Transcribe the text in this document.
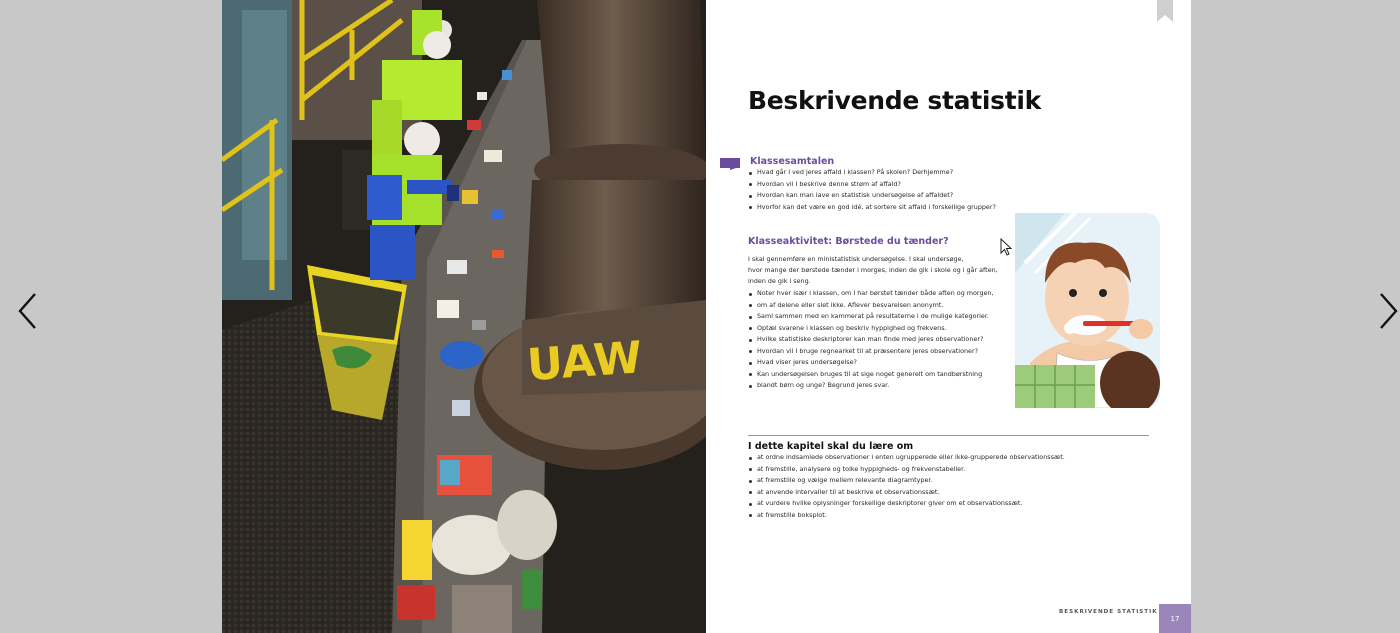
UAW
Beskrivende statistik
Klassesamtalen
Hvad går I ved jeres affald i klassen? På skolen? Derhjemme?
Hvordan vil I beskrive denne strøm af affald?
Hvordan kan man lave en statistisk undersøgelse af affaldet?
Hvorfor kan det være en god idé, at sortere sit affald i forskellige grupper?
Klasseaktivitet: Børstede du tænder?
I skal gennemføre en ministatistisk undersøgelse. I skal undersøge,
hvor mange der børstede tænder i morges, inden de gik i skole og i går aften,
inden de gik i seng.
Noter hver især i klassen, om I har børstet tænder både aften og morgen,
om af delene eller slet ikke. Aflever besvarelsen anonymt.
Saml sammen med en kammerat på resultaterne i de mulige kategorier.
Optæl svarene i klassen og beskriv hyppighed og frekvens.
Hvilke statistiske deskriptorer kan man finde med jeres observationer?
Hvordan vil I bruge regnearket til at præsentere jeres observationer?
Hvad viser jeres undersøgelse?
Kan undersøgelsen bruges til at sige noget generelt om tandbørstning
blandt børn og unge? Begrund jeres svar.
I dette kapitel skal du lære om
at ordne indsamlede observationer i enten ugrupperede eller ikke-grupperede observationssæt.
at fremstille, analysere og tolke hyppigheds- og frekvenstabeller.
at fremstille og vælge mellem relevante diagramtyper.
at anvende intervaller til at beskrive et observationssæt.
at vurdere hvilke oplysninger forskellige deskriptorer giver om et observationssæt.
at fremstille boksplot.
BESKRIVENDE STATISTIK
17
